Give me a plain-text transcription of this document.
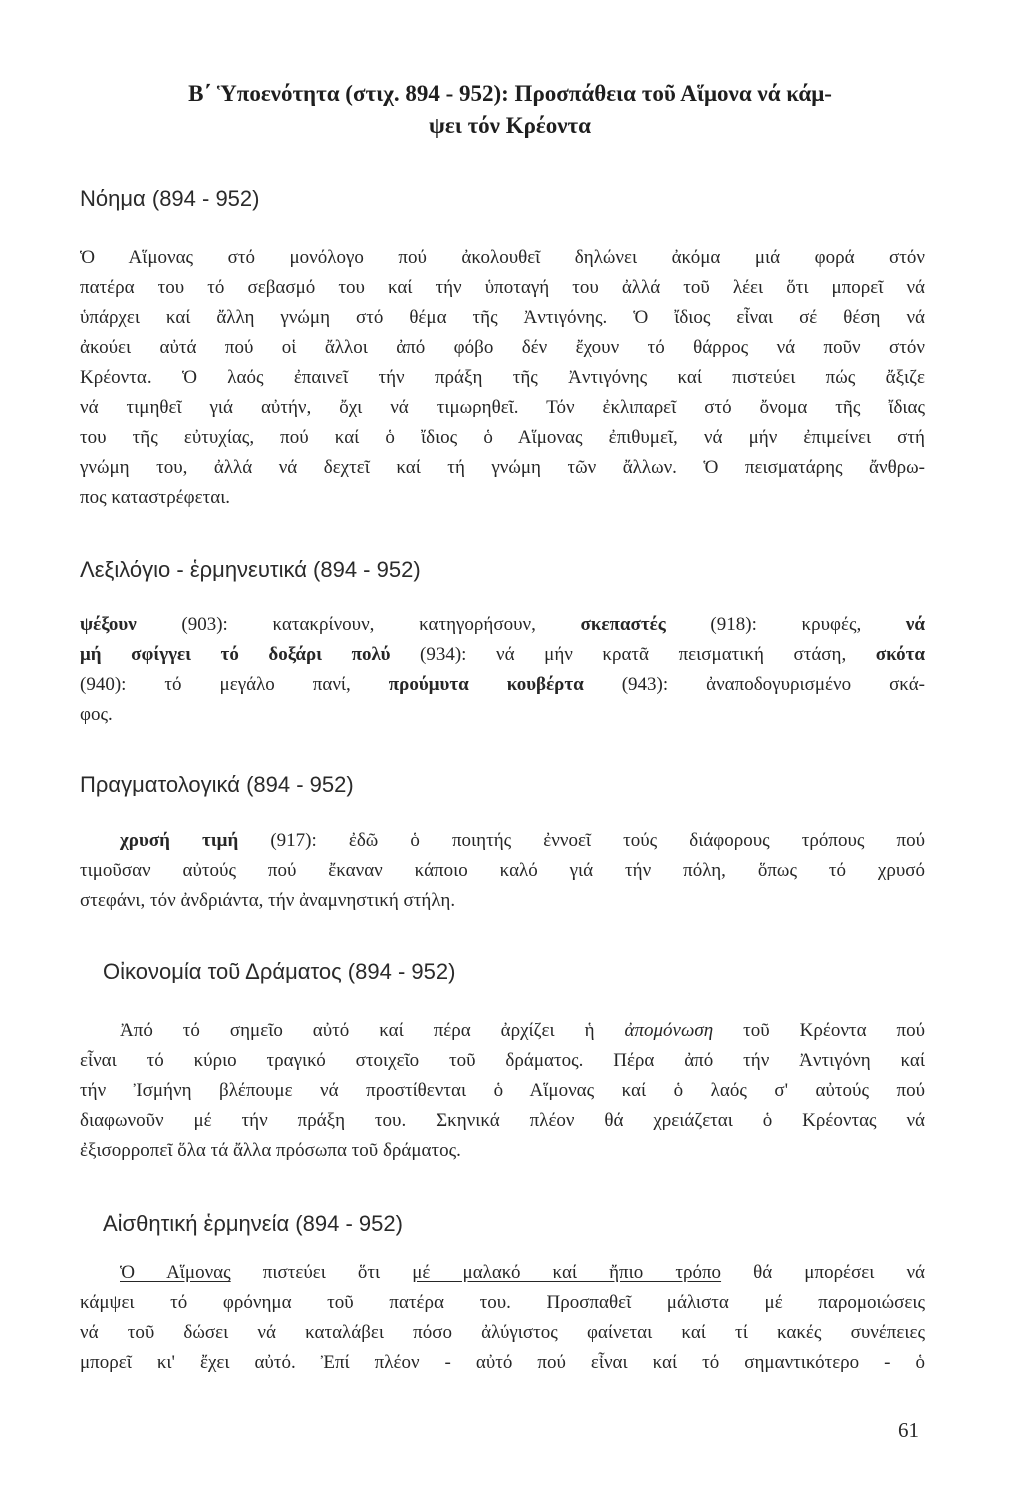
Β΄ Ὑποενότητα (στιχ. 894 - 952): Προσπάθεια τοῦ Αἵμονα νά κάμ-
ψει τόν Κρέοντα
Νόημα (894 - 952)

Ὁ Αἵμονας στό μονόλογο πού ἀκολουθεῖ δηλώνει ἀκόμα μιά φορά στόν
πατέρα του τό σεβασμό του καί τήν ὑποταγή του ἀλλά τοῦ λέει ὅτι μπορεῖ νά
ὑπάρχει καί ἄλλη γνώμη στό θέμα τῆς Ἀντιγόνης. Ὁ ἴδιος εἶναι σέ θέση νά
ἀκούει αὐτά πού οἱ ἄλλοι ἀπό φόβο δέν ἔχουν τό θάρρος νά ποῦν στόν
Κρέοντα. Ὁ λαός ἐπαινεῖ τήν πράξη τῆς Ἀντιγόνης καί πιστεύει πώς ἄξιζε
νά τιμηθεῖ γιά αὐτήν, ὄχι νά τιμωρηθεῖ. Τόν ἐκλιπαρεῖ στό ὄνομα τῆς ἴδιας
του τῆς εὐτυχίας, πού καί ὁ ἴδιος ὁ Αἵμονας ἐπιθυμεῖ, νά μήν ἐπιμείνει στή
γνώμη του, ἀλλά νά δεχτεῖ καί τή γνώμη τῶν ἄλλων. Ὁ πεισματάρης ἄνθρω-
πος καταστρέφεται.

Λεξιλόγιο - ἑρμηνευτικά (894 - 952)

ψέξουν (903): κατακρίνουν, κατηγορήσουν, σκεπαστές (918): κρυφές, νά
μή σφίγγει τό δοξάρι πολύ (934): νά μήν κρατᾶ πεισματική στάση, σκότα
(940): τό μεγάλο πανί, προύμυτα κουβέρτα (943): ἀναποδογυρισμένο σκά-
φος.

Πραγματολογικά (894 - 952)

χρυσή τιμή (917): ἐδῶ ὁ ποιητής ἐννοεῖ τούς διάφορους τρόπους πού
τιμοῦσαν αὐτούς πού ἔκαναν κάποιο καλό γιά τήν πόλη, ὅπως τό χρυσό
στεφάνι, τόν ἀνδριάντα, τήν ἀναμνηστική στήλη.

Οἰκονομία τοῦ Δράματος (894 - 952)

Ἀπό τό σημεῖο αὐτό καί πέρα ἀρχίζει ἡ ἀπομόνωση τοῦ Κρέοντα πού
εἶναι τό κύριο τραγικό στοιχεῖο τοῦ δράματος. Πέρα ἀπό τήν Ἀντιγόνη καί
τήν Ἰσμήνη βλέπουμε νά προστίθενται ὁ Αἵμονας καί ὁ λαός σ' αὐτούς πού
διαφωνοῦν μέ τήν πράξη του. Σκηνικά πλέον θά χρειάζεται ὁ Κρέοντας νά
ἐξισορροπεῖ ὅλα τά ἄλλα πρόσωπα τοῦ δράματος.

Αἰσθητική ἑρμηνεία (894 - 952)

Ὁ Αἵμονας πιστεύει ὅτι μέ μαλακό καί ἤπιο τρόπο θά μπορέσει νά
κάμψει τό φρόνημα τοῦ πατέρα του. Προσπαθεῖ μάλιστα μέ παρομοιώσεις
νά τοῦ δώσει νά καταλάβει πόσο ἀλύγιστος φαίνεται καί τί κακές συνέπειες
μπορεῖ κι' ἔχει αὐτό. Ἐπί πλέον - αὐτό πού εἶναι καί τό σημαντικότερο - ὁ

61
